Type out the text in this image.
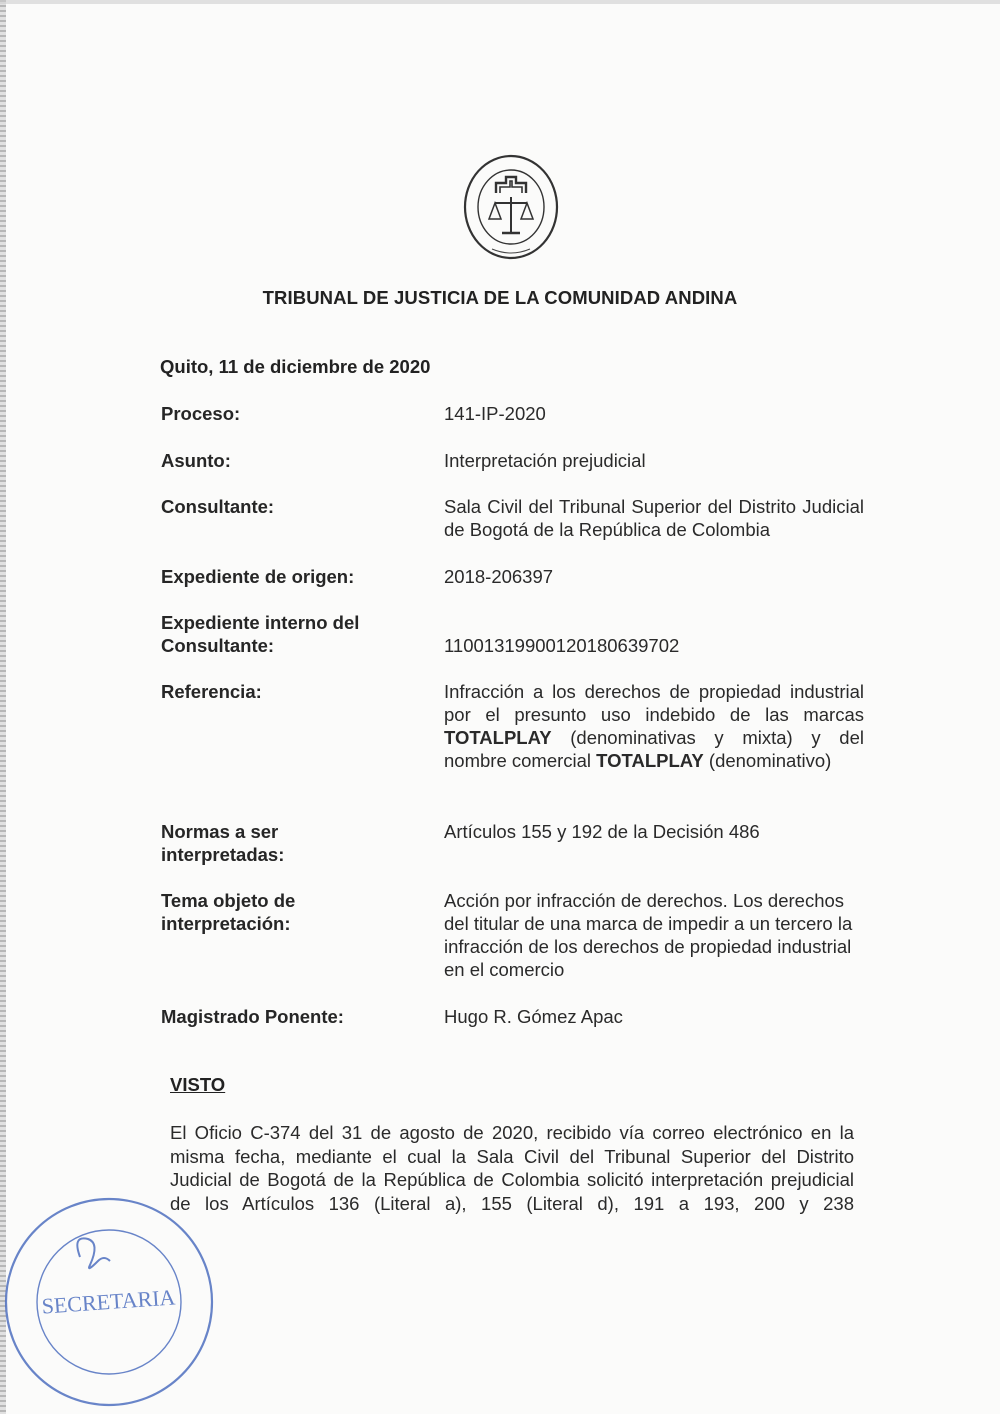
TRIBUNAL DE JUSTICIA DE LA COMUNIDAD ANDINA
Quito, 11 de diciembre de 2020
Proceso:	141-IP-2020
Asunto:	Interpretación prejudicial
Consultante:	Sala Civil del Tribunal Superior del Distrito Judicial de Bogotá de la República de Colombia
Expediente de origen:	2018-206397
Expediente interno del Consultante:	11001319900120180639702
Referencia:	Infracción a los derechos de propiedad industrial por el presunto uso indebido de las marcas TOTALPLAY (denominativas y mixta) y del nombre comercial TOTALPLAY (denominativo)
Normas a ser interpretadas:
Artículos 155 y 192 de la Decisión 486
Tema objeto de interpretación:
Acción por infracción de derechos. Los derechos del titular de una marca de impedir a un tercero la infracción de los derechos de propiedad industrial en el comercio
Magistrado Ponente:	Hugo R. Gómez Apac
VISTO
El Oficio C-374 del 31 de agosto de 2020, recibido vía correo electrónico en la misma fecha, mediante el cual la Sala Civil del Tribunal Superior del Distrito Judicial de Bogotá de la República de Colombia solicitó interpretación prejudicial de los Artículos 136 (Literal a), 155 (Literal d), 191 a 193, 200 y 238
SECRETARIA
